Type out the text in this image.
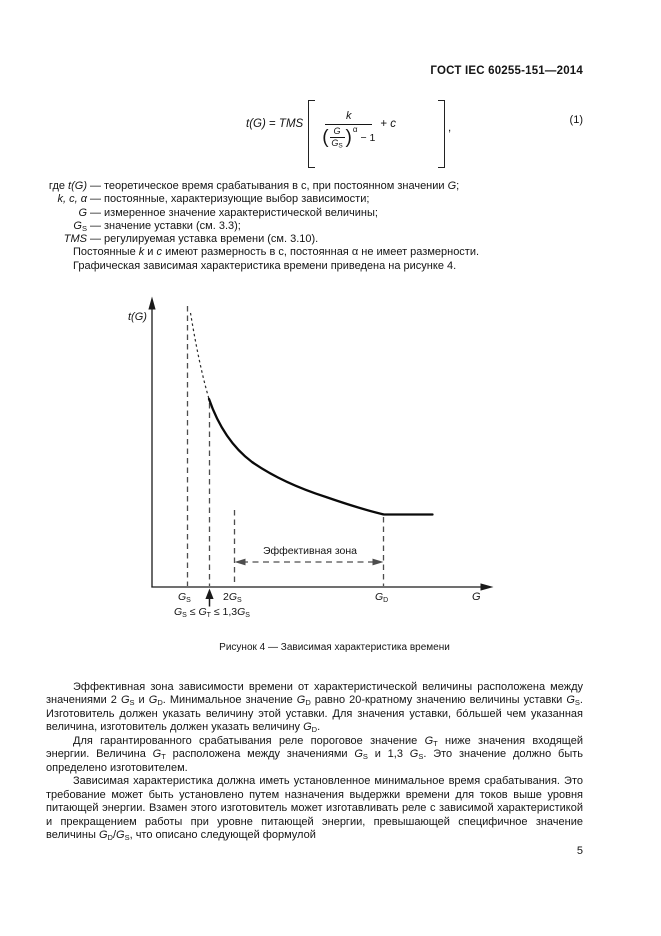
ГОСТ IEC 60255-151—2014
t(G) = TMS
k
( G
$G_S$ ) α
− 1
+ c	,
(1)
где t(G) — теоретическое время срабатывания в с, при постоянном значении G;
k, c, α — постоянные, характеризующие выбор зависимости;
G — измеренное значение характеристической величины;
$G_S$ — значение уставки (см. 3.3);
TMS — регулируемая уставка времени (см. 3.10).
Постоянные k и c имеют размерность в с, постоянная α не имеет размерности.
Графическая зависимая характеристика времени приведена на рисунке 4.
t(G)
G
Эффективная зона
$G_S$	$2G_S$	$G_D$
$G_S \le G_T \le 1,3G_S$
Рисунок 4 — Зависимая характеристика времени

Эффективная зона зависимости времени от характеристической величины расположена между значениями 2 $G_S$ и $G_D$. Минимальное значение $G_D$ равно 20-кратному значению величины уставки $G_S$. Изготовитель должен указать величину этой уставки. Для значения уставки, бо́льшей чем указанная величина, изготовитель должен указать величину $G_D$.

Для гарантированного срабатывания реле пороговое значение $G_T$ ниже значения входящей энергии. Величина $G_T$ расположена между значениями $G_S$ и 1,3 $G_S$. Это значение должно быть определено изготовителем.

Зависимая характеристика должна иметь установленное минимальное время срабатывания. Это требование может быть установлено путем назначения выдержки времени для токов выше уровня питающей энергии. Взамен этого изготовитель может изготавливать реле с зависимой характеристикой и прекращением работы при уровне питающей энергии, превышающей специфичное значение величины $G_D/G_S$, что описано следующей формулой

5
